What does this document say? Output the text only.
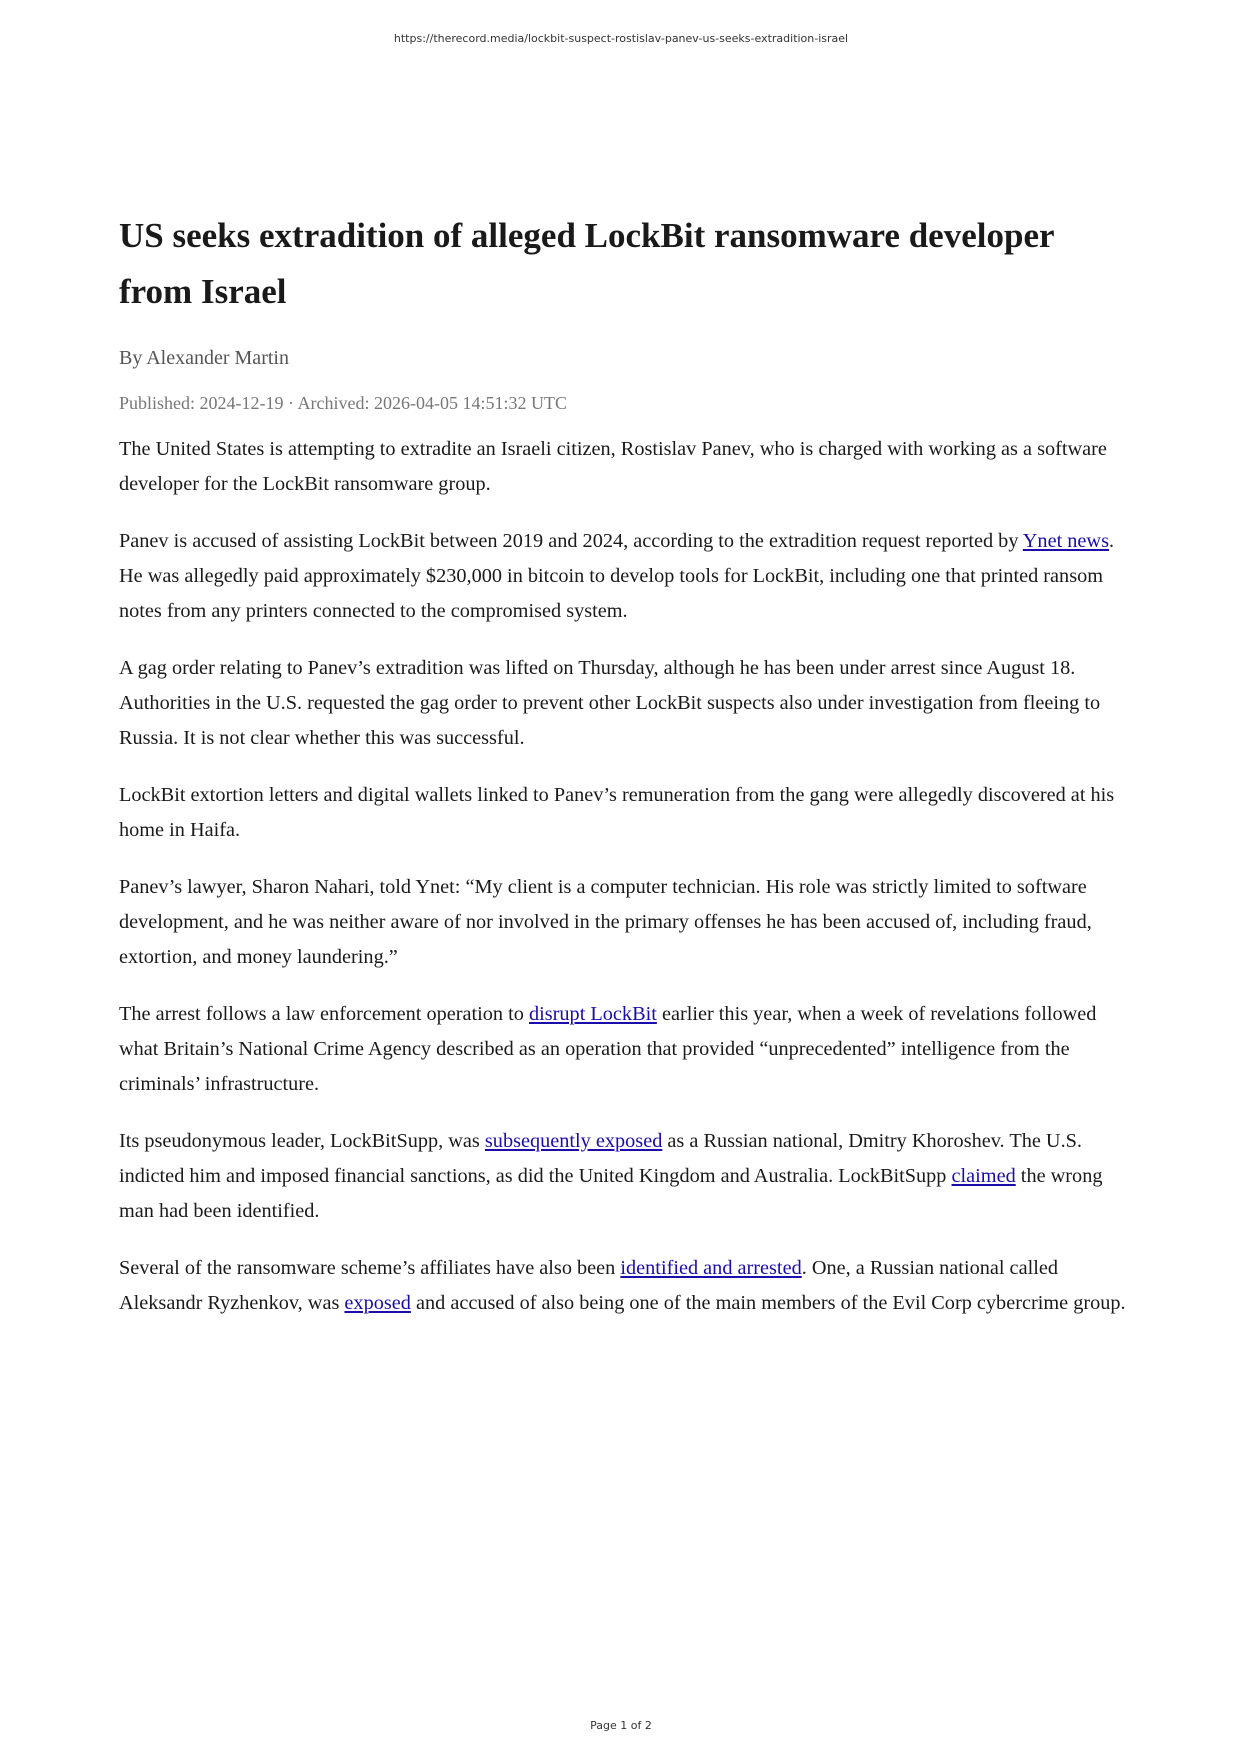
https://therecord.media/lockbit-suspect-rostislav-panev-us-seeks-extradition-israel
US seeks extradition of alleged LockBit ransomware developer from Israel
By Alexander Martin
Published: 2024-12-19 · Archived: 2026-04-05 14:51:32 UTC

The United States is attempting to extradite an Israeli citizen, Rostislav Panev, who is charged with working as a software developer for the LockBit ransomware group.

Panev is accused of assisting LockBit between 2019 and 2024, according to the extradition request reported by Ynet news. He was allegedly paid approximately $230,000 in bitcoin to develop tools for LockBit, including one that printed ransom notes from any printers connected to the compromised system.

A gag order relating to Panev’s extradition was lifted on Thursday, although he has been under arrest since August 18. Authorities in the U.S. requested the gag order to prevent other LockBit suspects also under investigation from fleeing to Russia. It is not clear whether this was successful.

LockBit extortion letters and digital wallets linked to Panev’s remuneration from the gang were allegedly discovered at his home in Haifa.

Panev’s lawyer, Sharon Nahari, told Ynet: “My client is a computer technician. His role was strictly limited to software development, and he was neither aware of nor involved in the primary offenses he has been accused of, including fraud, extortion, and money laundering.”

The arrest follows a law enforcement operation to disrupt LockBit earlier this year, when a week of revelations followed what Britain’s National Crime Agency described as an operation that provided “unprecedented” intelligence from the criminals’ infrastructure.

Its pseudonymous leader, LockBitSupp, was subsequently exposed as a Russian national, Dmitry Khoroshev. The U.S. indicted him and imposed financial sanctions, as did the United Kingdom and Australia. LockBitSupp claimed the wrong man had been identified.

Several of the ransomware scheme’s affiliates have also been identified and arrested. One, a Russian national called Aleksandr Ryzhenkov, was exposed and accused of also being one of the main members of the Evil Corp cybercrime group.

Page 1 of 2
